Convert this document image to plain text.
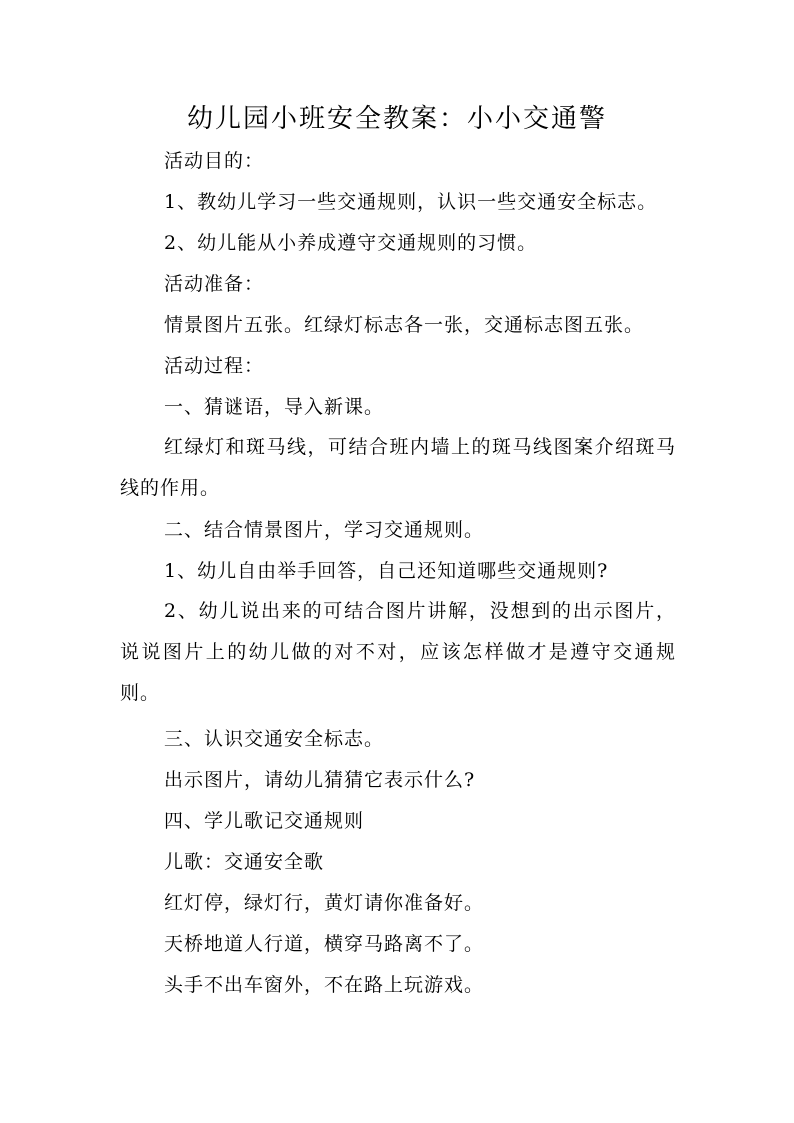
幼儿园小班安全教案：小小交通警
活动目的：
1、教幼儿学习一些交通规则，认识一些交通安全标志。
2、幼儿能从小养成遵守交通规则的习惯。
活动准备：
情景图片五张。红绿灯标志各一张，交通标志图五张。
活动过程：
一、猜谜语，导入新课。
红绿灯和斑马线，可结合班内墙上的斑马线图案介绍斑马线的作用。
二、结合情景图片，学习交通规则。
1、幼儿自由举手回答，自己还知道哪些交通规则?
2、幼儿说出来的可结合图片讲解，没想到的出示图片，说说图片上的幼儿做的对不对，应该怎样做才是遵守交通规则。
三、认识交通安全标志。
出示图片，请幼儿猜猜它表示什么?
四、学儿歌记交通规则
儿歌：交通安全歌
红灯停，绿灯行，黄灯请你准备好。
天桥地道人行道，横穿马路离不了。
头手不出车窗外，不在路上玩游戏。
